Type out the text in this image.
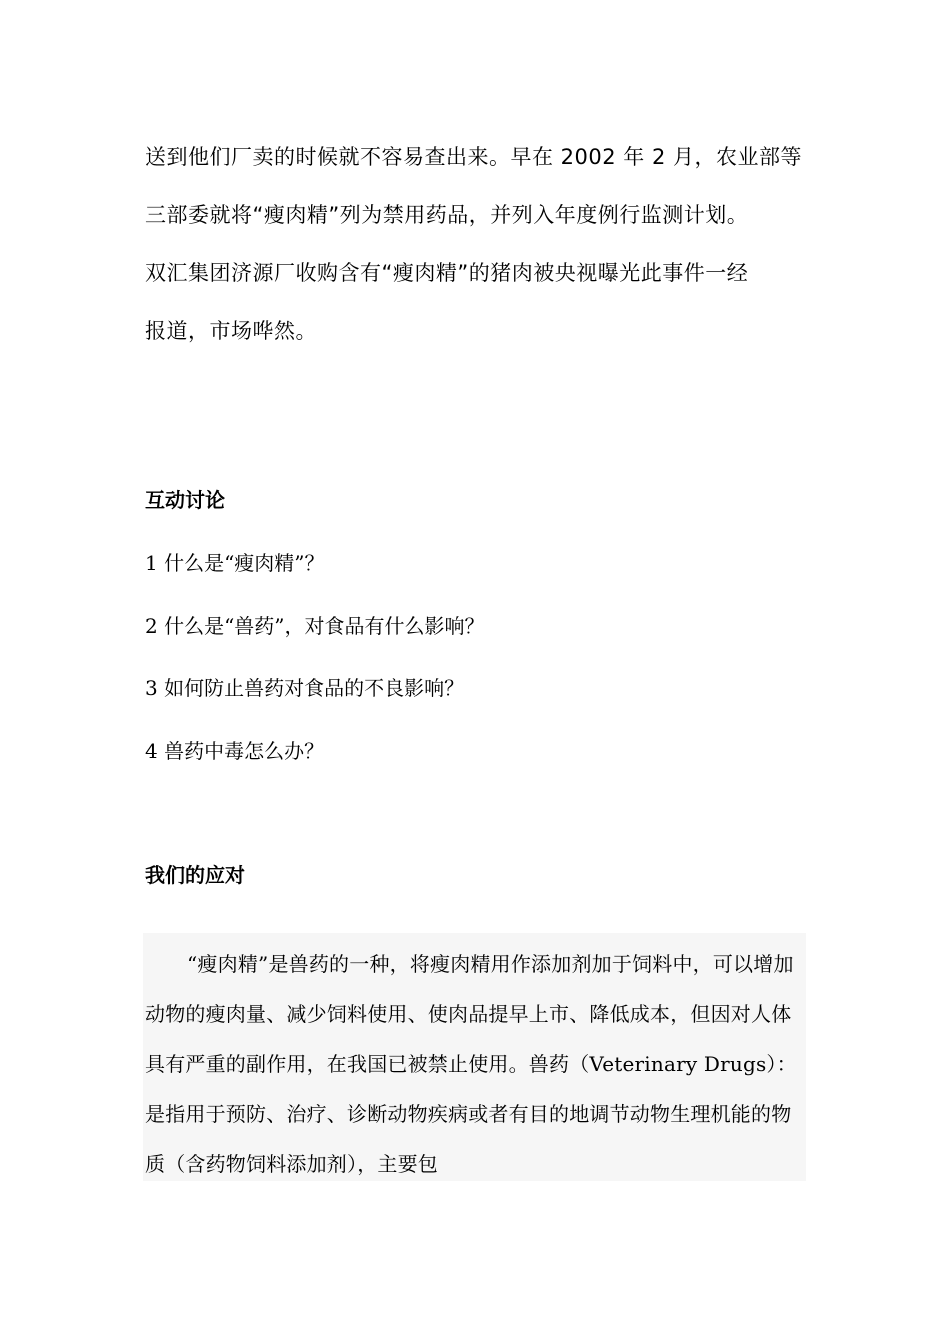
送到他们厂卖的时候就不容易查出来。早在 2002 年 2 月，农业部等

三部委就将“瘦肉精”列为禁用药品，并列入年度例行监测计划。

双汇集团济源厂收购含有“瘦肉精”的猪肉被央视曝光此事件一经

报道，市场哗然。

互动讨论
1 什么是“瘦肉精”？
2 什么是“兽药”，对食品有什么影响？
3 如何防止兽药对食品的不良影响？
4 兽药中毒怎么办？
我们的应对

“瘦肉精”是兽药的一种，将瘦肉精用作添加剂加于饲料中，可以增加动物的瘦肉量、减少饲料使用、使肉品提早上市、降低成本，但因对人体具有严重的副作用，在我国已被禁止使用。兽药（Veterinary Drugs）：是指用于预防、治疗、诊断动物疾病或者有目的地调节动物生理机能的物质（含药物饲料添加剂），主要包
